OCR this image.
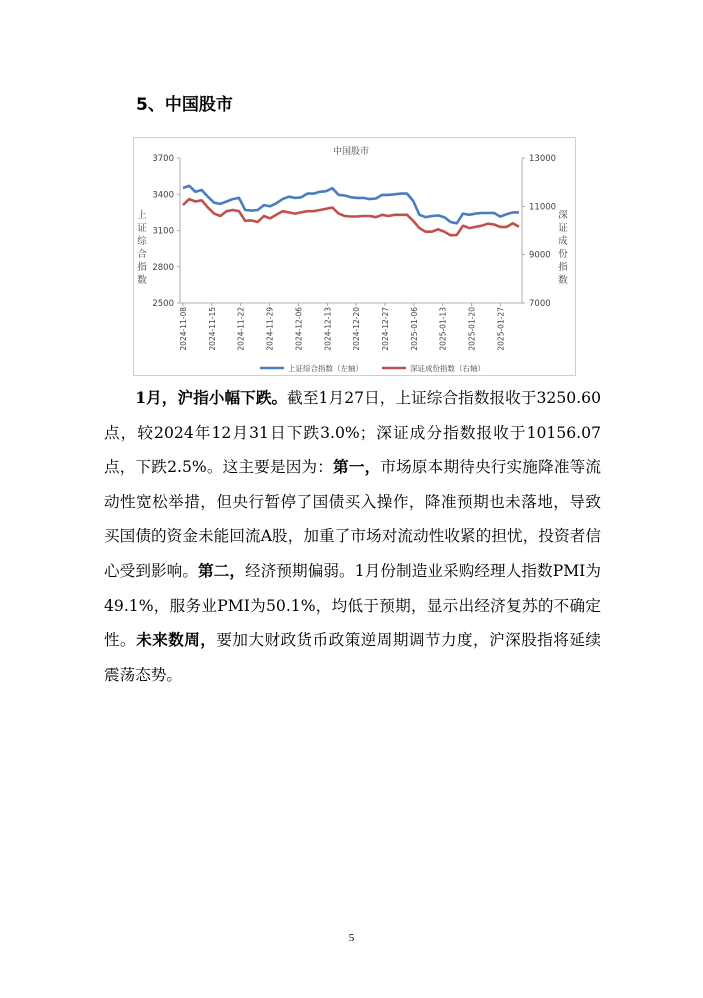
5、中国股市
中国股市
2500
2800
3100
3400
3700
7000
9000
11000
13000
上
证
综
合
指
数
深
证
成
份
指
数
2024-11-08	2024-11-15	2024-11-22	2024-11-29	2024-12-06	2024-12-13	2024-12-20	2024-12-27	2025-01-06	2025-01-13	2025-01-20	2025-01-27
上证综合指数（左轴）	深证成份指数（右轴）

1月，沪指小幅下跌。截至1月27日，上证综合指数报收于3250.60点，较2024年12月31日下跌3.0%；深证成分指数报收于10156.07点，下跌2.5%。这主要是因为：第一，市场原本期待央行实施降准等流动性宽松举措，但央行暂停了国债买入操作，降准预期也未落地，导致买国债的资金未能回流A股，加重了市场对流动性收紧的担忧，投资者信心受到影响。第二，经济预期偏弱。1月份制造业采购经理人指数PMI为49.1%，服务业PMI为50.1%，均低于预期，显示出经济复苏的不确定性。未来数周，要加大财政货币政策逆周期调节力度，沪深股指将延续震荡态势。

5
